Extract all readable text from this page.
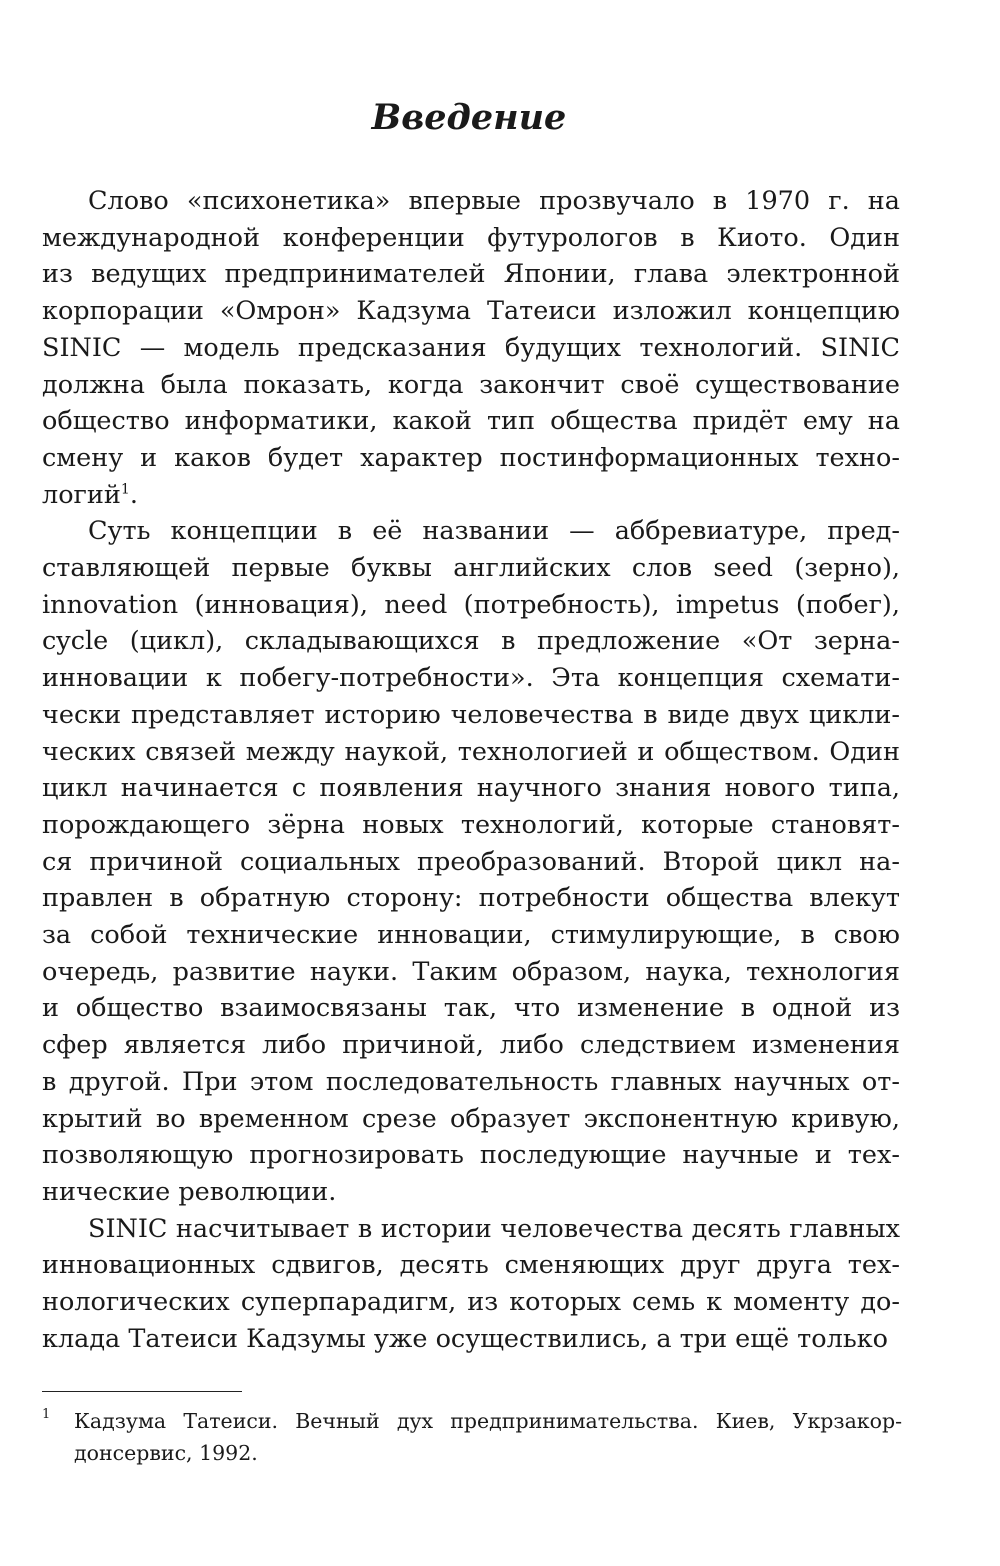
Введение
Слово «психонетика» впервые прозвучало в 1970 г. на
международной конференции футурологов в Киото. Один
из ведущих предпринимателей Японии, глава электронной
корпорации «Омрон» Кадзума Татеиси изложил концепцию
SINIC — модель предсказания будущих технологий. SINIC
должна была показать, когда закончит своё существование
общество информатики, какой тип общества придёт ему на
смену и каков будет характер постинформационных техно-
логий$^1$.
Суть концепции в её названии — аббревиатуре, пред-
ставляющей первые буквы английских слов seed (зерно),
innovation (инновация), need (потребность), impetus (побег),
cycle (цикл), складывающихся в предложение «От зерна-
инновации к побегу-потребности». Эта концепция схемати-
чески представляет историю человечества в виде двух цикли-
ческих связей между наукой, технологией и обществом. Один
цикл начинается с появления научного знания нового типа,
порождающего зёрна новых технологий, которые становят-
ся причиной социальных преобразований. Второй цикл на-
правлен в обратную сторону: потребности общества влекут
за собой технические инновации, стимулирующие, в свою
очередь, развитие науки. Таким образом, наука, технология
и общество взаимосвязаны так, что изменение в одной из
сфер является либо причиной, либо следствием изменения
в другой. При этом последовательность главных научных от-
крытий во временном срезе образует экспонентную кривую,
позволяющую прогнозировать последующие научные и тех-
нические революции.
SINIC насчитывает в истории человечества десять главных
инновационных сдвигов, десять сменяющих друг друга тех-
нологических суперпарадигм, из которых семь к моменту до-
клада Татеиси Кадзумы уже осуществились, а три ещё только
1 Кадзума Татеиси. Вечный дух предпринимательства. Киев, Укрзакор-
донсервис, 1992.
